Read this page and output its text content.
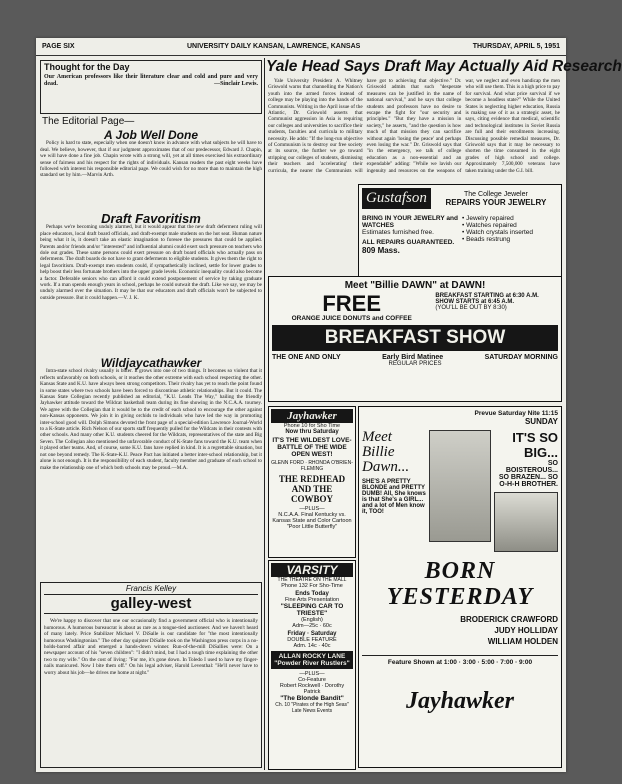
PAGE SIX	UNIVERSITY DAILY KANSAN, LAWRENCE, KANSAS	THURSDAY, APRIL 5, 1951
Thought for the Day
Our American professors like their literature clear and cold and pure and very dead.	—Sinclair Lewis.
The Editorial Page—
A Job Well Done

Policy is hard to state, especially when one doesn't know in advance with what subjects he will have to deal. We believe, however, that if our judgment approximates that of our predecessor, Edward J. Chapin, we will have done a fine job. Chapin wrote with a strong will, yet at all times exercised his extraordinary sense of fairness and his respect for the rights of individuals. Kansan readers the past eight weeks have followed with interest his responsible editorial page. We could wish for no more than to maintain the high standard set by him.—Marvin Arth.

Draft Favoritism

Perhaps we're becoming unduly alarmed, but it would appear that the new draft deferment ruling will place educators, local draft board officials, and draft-exempt male students on the hot seat. Human nature being what it is, it doesn't take an elastic imagination to foresee the pressures that could be applied. Parents and/or friends and/or "interested" and influential alumni could exert such pressure on teachers who dole out grades. These same persons could exert pressure on draft board officials who actually pass on deferments. The draft boards do not have to grant deferments to eligible students. It gives them the right to legal favoritism. Draft-exempt men students could, if sympathetically inclined, settle for lower grades to help boost their less fortunate brothers into the upper grade levels. Economic inequality could also become a factor. Deferable seniors who can afford it could extend postponement of service by taking graduate work. If a man spends enough years in school, perhaps he could outwait the draft. Like we say, we may be unduly alarmed over the situation. It may be that our educators and draft officials won't be subjected to outside pressure. But it could happen.—V. J. K.

Wildjaycathawker

Intra-state school rivalry usually is bitter. It grows into one of two things. It becomes so violent that it reflects unfavorably on both schools, or it reaches the other extreme with each school respecting the other. Kansas State and K.U. have always been strong competitors. Their rivalry has yet to reach the point found in some states where two schools have been forced to discontinue athletic relationships. But it could. The Kansas State Collegian recently published an editorial, "K.U. Leads The Way," hailing the friendly Jayhawker attitude toward the Wildcat basketball team during its fine showing in the N.C.A.A. tourney. We agree with the Collegian that it would be to the credit of each school to encourage the other against non-Kansas opponents. We join it in giving orchids to individuals who have led the way in promoting inter-school good will. Dolph Simons devoted the front page of a special-edition Lawrence Journal-World to a K-State article. Rich Nelson of our sports staff frequently pulled for the Wildcats in their contests with other schools. And many other K.U. students cheered for the Wildcats, representatives of the state and Big Seven. The Collegian also mentioned the unfavorable conduct of K-State fans toward the K.U. team when it played other teams. And, of course, some K.U. fans have replied in kind. It is a regrettable situation, but not one beyond remedy. The K-State-K.U. Peace Pact has initiated a better inter-school relationship, but it alone is not enough. It is the responsibility of each student, faculty member and graduate of each school to make the relationship one of which both schools may be proud.—M.A.

Francis Kelley
galley-west

We're happy to discover that one our occasionally find a government official who is intentionally humorous. A humorous bureaucrat is about as rare as a tongue-tied auctioneer. And we haven't heard of many lately. Price Stabilizer Michael V. DiSalle is our candidate for "the most intentionally humorous Washingtonian." The other day quipster DiSalle took on the Washington press corps in a no-holds-barred affair and emerged a hands-down winner. Run-of-the-mill DiSallies were: On a newspaper account of his "seven children": "I didn't mind, but I had a tough time explaining the other two to my wife." On the cost of living: "For me, it's gone down. In Toledo I used to have my finger-nails manicured. Now I bite them off." On his legal adviser, Harold Leventhal: "He'll never have to worry about his job—he drives me home at night."

Yale Head Says Draft May Actually Aid Research

Yale University President A. Whitney Griswold warns that channelling the Nation's youth into the armed forces instead of college may be playing into the hands of the Communists. Writing in the April issue of the Atlantic, Dr. Griswold asserts that Communist aggression in Asia is requiring our colleges and universities to sacrifice their students, faculties and curricula to military necessity. He adds: "If the long-run objective of Communism is to destroy our free society at its source, the further we go toward stripping our colleges of students, dismissing their teachers and 'accelerating' their curricula, the nearer the Communists will have got to achieving that objective." Dr. Griswold admits that such "desperate measures can be justified in the name of national survival," and he says that college students and professors have no desire to escape the fight for "our security and principles." "But they have a mission in society," he asserts, "and the question is how much of that mission they can sacrifice without again 'losing the peace' and perhaps even losing the war." Dr. Griswold says that "in the emergency, we talk of college education as a non-essential and an expendable" adding: "While we lavish our ingenuity and resources on the weapons of war, we neglect and even handicap the men who will use them. This is a high price to pay for survival. And what price survival if we become a headless state?" While the United States is neglecting higher education, Russia is making use of it as a strategic asset, he says, citing evidence that medical, scientific and technological institutes in Soviet Russia are full and their enrollments increasing. Discussing possible remedial measures, Dr. Griswold says that it may be necessary to shorten the time consumed in the eight grades of high school and college. Approximately 7,500,000 veterans have taken training under the G.I. bill.

Gustafson	The College Jeweler
REPAIRS YOUR JEWELRY
BRING IN YOUR JEWELRY and WATCHES
Estimates furnished free.
ALL REPAIRS GUARANTEED.
809 Mass.
• Jewelry repaired
• Watches repaired
• Watch crystals inserted
• Beads restrung
Meet "Billie DAWN" at DAWN!
FREE
ORANGE JUICE DONUTS and COFFEE
BREAKFAST STARTING at 6:30 A.M.
SHOW STARTS at 6:45 A.M.
(YOU'LL BE OUT BY 8:30)
BREAKFAST SHOW
THE ONE AND ONLY	Early Bird Matinee	SATURDAY MORNING
REGULAR PRICES
Jayhawker
Phone 10 for Sho Time
Now thru Saturday
IT'S THE WILDEST LOVE-BATTLE OF THE WIDE OPEN WEST!
GLENN FORD · RHONDA O'BRIEN-FLEMING
THE REDHEAD AND THE COWBOY
—PLUS—
N.C.A.A. Final Kentucky vs. Kansas State and Color Cartoon "Poor Little Butterfly"
VARSITY
THE THEATRE ON THE MALL
Phone 132 For Sho-Time
Ends Today
Fine Arts Presentation
"SLEEPING CAR TO TRIESTE"
(English)
Adm—25c · 60c
Friday · Saturday
DOUBLE FEATURE
Adm. 14c · 40c
ALLAN ROCKY LANE "Powder River Rustlers"
—PLUS—
Co-Feature
Robert Rockwell · Dorothy Patrick
"The Blonde Bandit"
Ch. 10 "Pirates of the High Seas" Late News Events
Prevue Saturday Nite 11:15
SUNDAY
Meet Billie Dawn...
SHE'S A PRETTY BLONDE and PRETTY DUMB! All, She knows is that She's a GIRL... and a lot of Men know it, TOO!
IT'S SO BIG...
SO BOISTEROUS... SO BRAZEN... SO O-H-H BROTHER.
BORN YESTERDAY
BRODERICK CRAWFORD
JUDY HOLLIDAY
WILLIAM HOLDEN
Feature Shown at 1:00 · 3:00 · 5:00 · 7:00 · 9:00
Jayhawker
